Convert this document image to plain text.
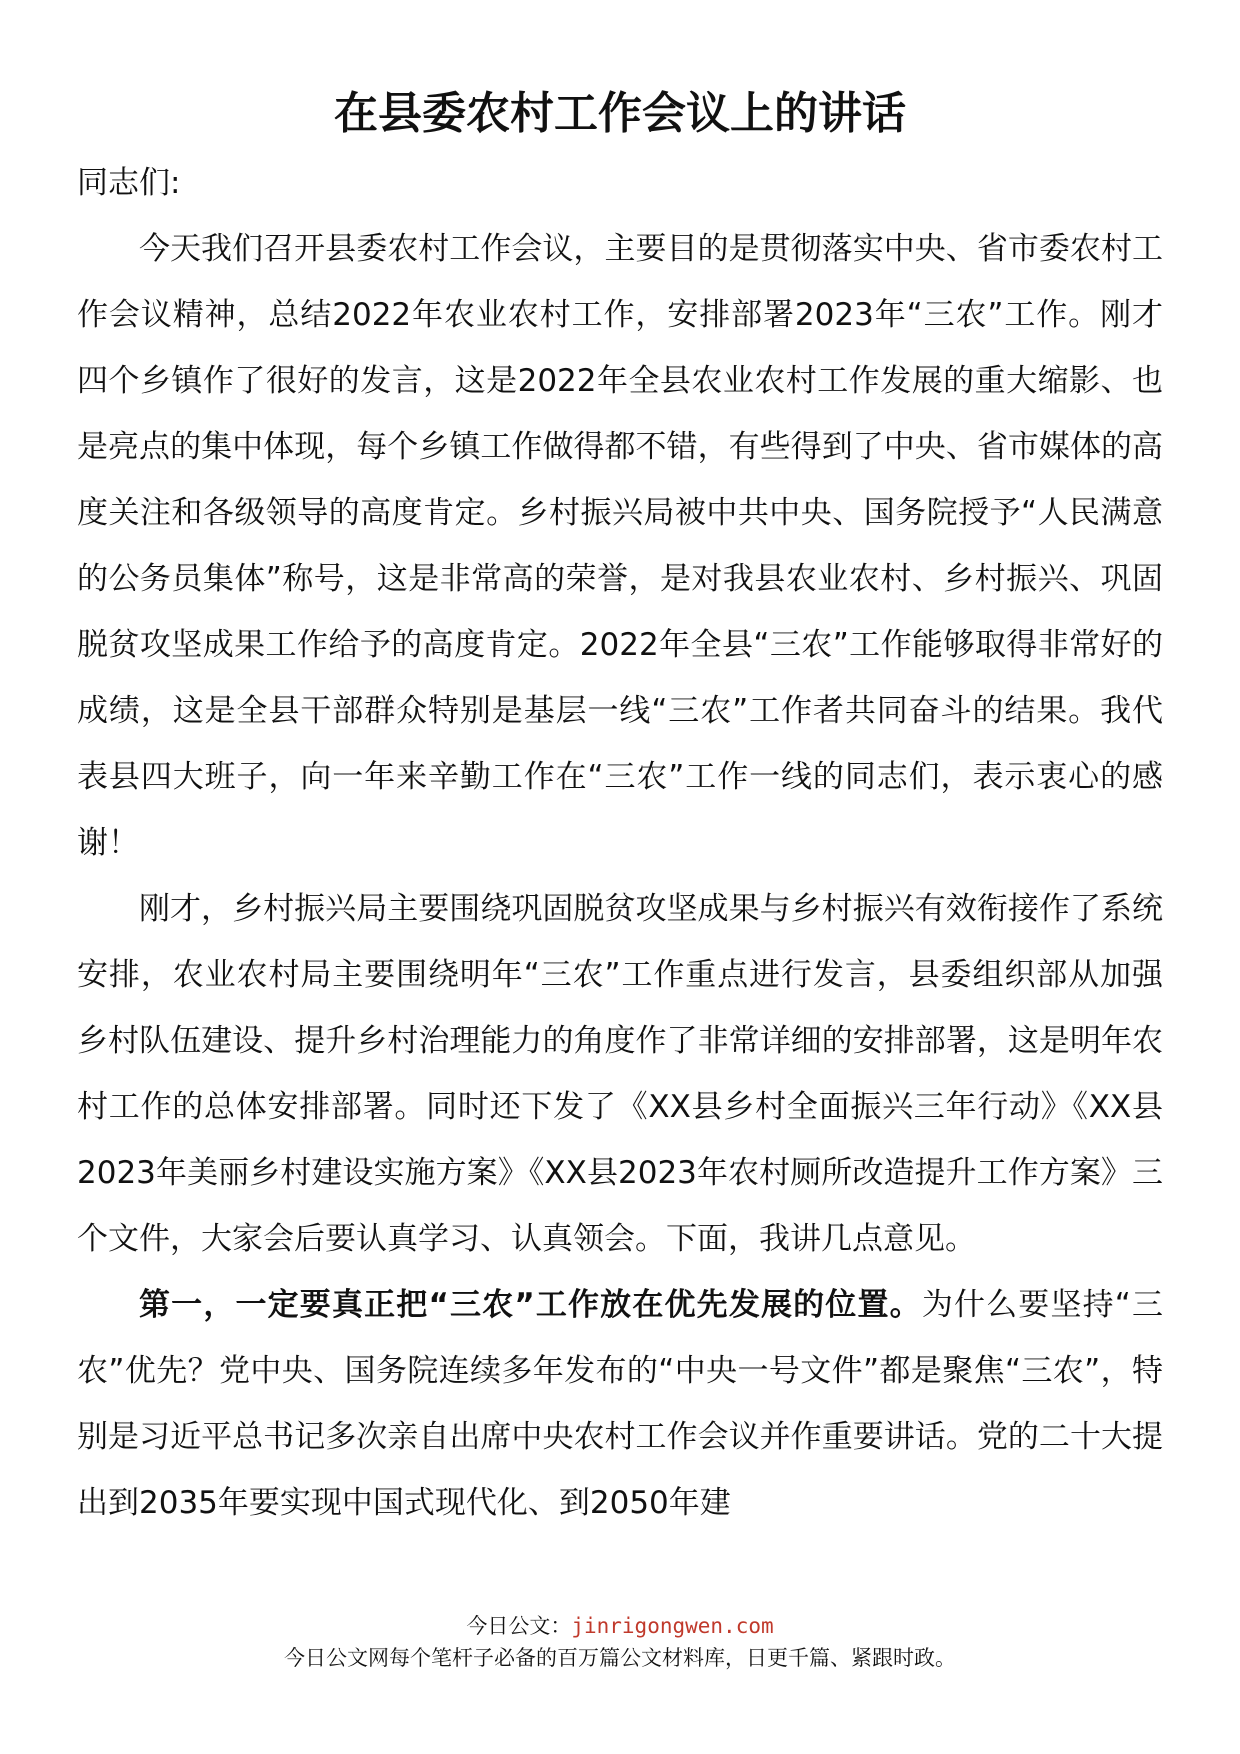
在县委农村工作会议上的讲话

同志们:

今天我们召开县委农村工作会议，主要目的是贯彻落实中央、省市委农村工作会议精神，总结2022年农业农村工作，安排部署2023年“三农”工作。刚才四个乡镇作了很好的发言，这是2022年全县农业农村工作发展的重大缩影、也是亮点的集中体现，每个乡镇工作做得都不错，有些得到了中央、省市媒体的高度关注和各级领导的高度肯定。乡村振兴局被中共中央、国务院授予“人民满意的公务员集体”称号，这是非常高的荣誉，是对我县农业农村、乡村振兴、巩固脱贫攻坚成果工作给予的高度肯定。2022年全县“三农”工作能够取得非常好的成绩，这是全县干部群众特别是基层一线“三农”工作者共同奋斗的结果。我代表县四大班子，向一年来辛勤工作在“三农”工作一线的同志们，表示衷心的感谢！

刚才，乡村振兴局主要围绕巩固脱贫攻坚成果与乡村振兴有效衔接作了系统安排，农业农村局主要围绕明年“三农”工作重点进行发言，县委组织部从加强乡村队伍建设、提升乡村治理能力的角度作了非常详细的安排部署，这是明年农村工作的总体安排部署。同时还下发了《XX县乡村全面振兴三年行动》《XX县2023年美丽乡村建设实施方案》《XX县2023年农村厕所改造提升工作方案》三个文件，大家会后要认真学习、认真领会。下面，我讲几点意见。

第一，一定要真正把“三农”工作放在优先发展的位置。为什么要坚持“三农”优先？党中央、国务院连续多年发布的“中央一号文件”都是聚焦“三农”，特别是习近平总书记多次亲自出席中央农村工作会议并作重要讲话。党的二十大提出到2035年要实现中国式现代化、到2050年建

今日公文：jinrigongwen.com
今日公文网每个笔杆子必备的百万篇公文材料库，日更千篇、紧跟时政。
